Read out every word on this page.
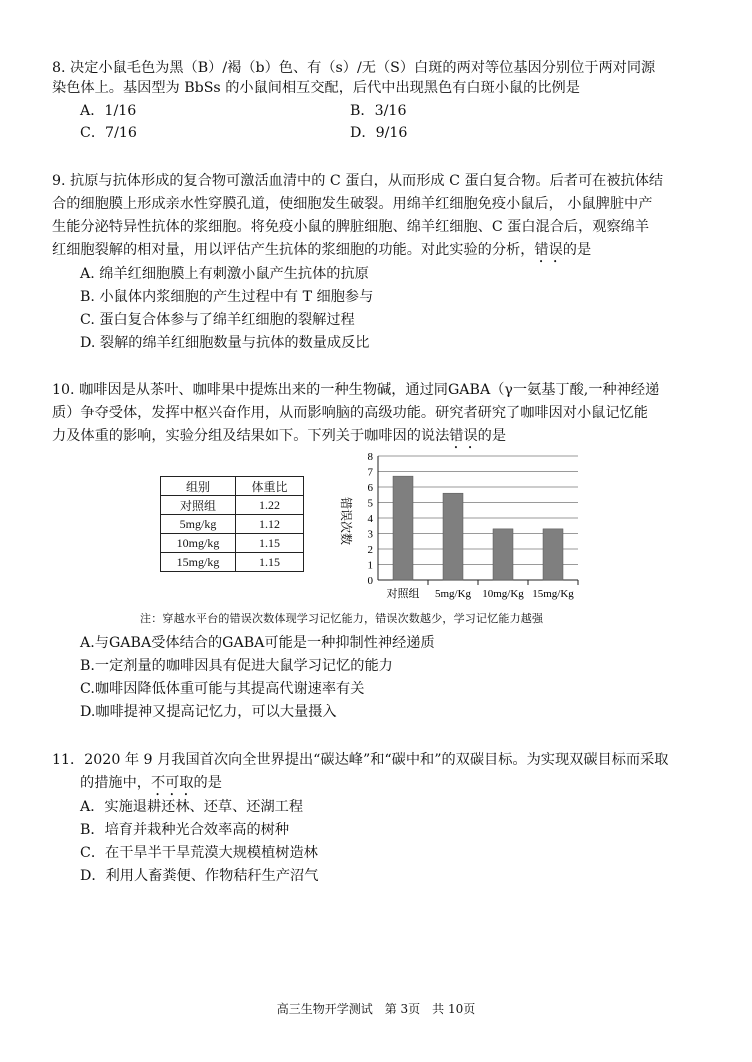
8. 决定小鼠毛色为黑（B）/褐（b）色、有（s）/无（S）白斑的两对等位基因分别位于两对同源
染色体上。基因型为 BbSs 的小鼠间相互交配，后代中出现黑色有白斑小鼠的比例是
A．1/16	B．3/16
C．7/16	D．9/16
9. 抗原与抗体形成的复合物可激活血清中的 C 蛋白，从而形成 C 蛋白复合物。后者可在被抗体结
合的细胞膜上形成亲水性穿膜孔道，使细胞发生破裂。用绵羊红细胞免疫小鼠后， 小鼠脾脏中产
生能分泌特异性抗体的浆细胞。将免疫小鼠的脾脏细胞、绵羊红细胞、C 蛋白混合后，观察绵羊
红细胞裂解的相对量，用以评估产生抗体的浆细胞的功能。对此实验的分析，错误的是
A. 绵羊红细胞膜上有刺激小鼠产生抗体的抗原
B. 小鼠体内浆细胞的产生过程中有 T 细胞参与
C. 蛋白复合体参与了绵羊红细胞的裂解过程
D. 裂解的绵羊红细胞数量与抗体的数量成反比
10. 咖啡因是从茶叶、咖啡果中提炼出来的一种生物碱，通过同GABA（γ一氨基丁酸,一种神经递
质）争夺受体，发挥中枢兴奋作用，从而影响脑的高级功能。研究者研究了咖啡因对小鼠记忆能
力及体重的影响，实验分组及结果如下。下列关于咖啡因的说法错误的是
组别	体重比
对照组	1.22
5mg/kg	1.12
10mg/kg	1.15
15mg/kg	1.15
0
1
2
3
4
5
6
7
8
对照组 5mg/Kg 10mg/Kg 15mg/Kg
错误次数
注：穿越水平台的错误次数体现学习记忆能力，错误次数越少，学习记忆能力越强
A.与GABA受体结合的GABA可能是一种抑制性神经递质
B.一定剂量的咖啡因具有促进大鼠学习记忆的能力
C.咖啡因降低体重可能与其提高代谢速率有关
D.咖啡提神又提高记忆力，可以大量摄入
11．2020 年 9 月我国首次向全世界提出“碳达峰”和“碳中和”的双碳目标。为实现双碳目标而采取
的措施中，不可取的是
A．实施退耕还林、还草、还湖工程
B．培育并栽种光合效率高的树种
C．在干旱半干旱荒漠大规模植树造林
D．利用人畜粪便、作物秸秆生产沼气
高三生物开学测试　第 3页　共 10页
